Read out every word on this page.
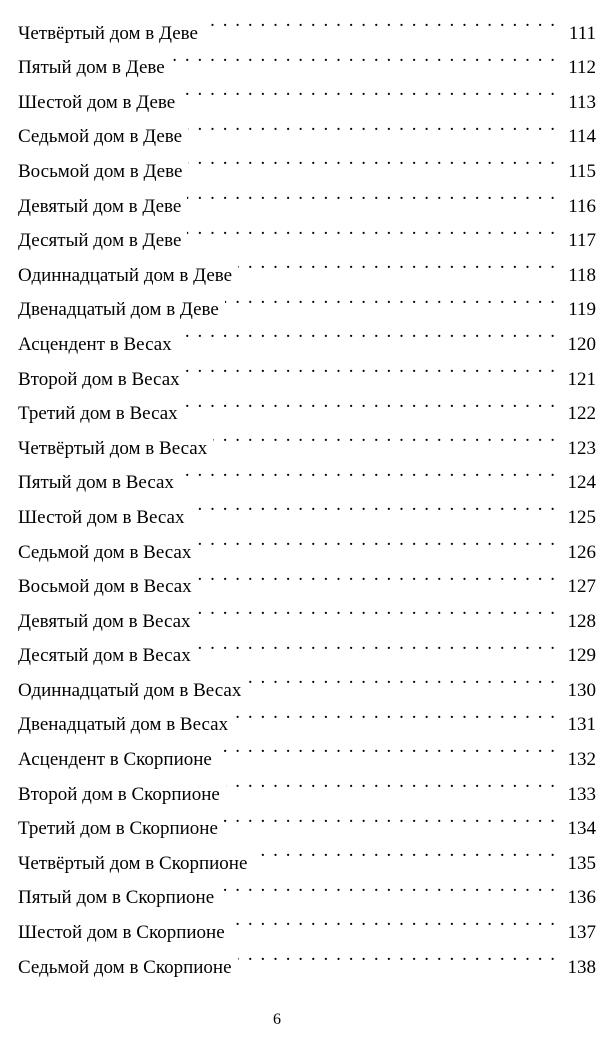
Четвёртый дом в Деве . . .	111
Пятый дом в Деве . . .	112
Шестой дом в Деве . . .	113
Седьмой дом в Деве . . .	114
Восьмой дом в Деве . . .	115
Девятый дом в Деве . . .	116
Десятый дом в Деве . . .	117
Одиннадцатый дом в Деве . . .	118
Двенадцатый дом в Деве . . .	119
Асцендент в Весах . . .	120
Второй дом в Весах . . .	121
Третий дом в Весах . . .	122
Четвёртый дом в Весах . . .	123
Пятый дом в Весах . . .	124
Шестой дом в Весах . . .	125
Седьмой дом в Весах . . .	126
Восьмой дом в Весах . . .	127
Девятый дом в Весах . . .	128
Десятый дом в Весах . . .	129
Одиннадцатый дом в Весах . . .	130
Двенадцатый дом в Весах . . .	131
Асцендент в Скорпионе . . .	132
Второй дом в Скорпионе . . .	133
Третий дом в Скорпионе . . .	134
Четвёртый дом в Скорпионе . . .	135
Пятый дом в Скорпионе . . .	136
Шестой дом в Скорпионе . . .	137
Седьмой дом в Скорпионе . . .	138
6
